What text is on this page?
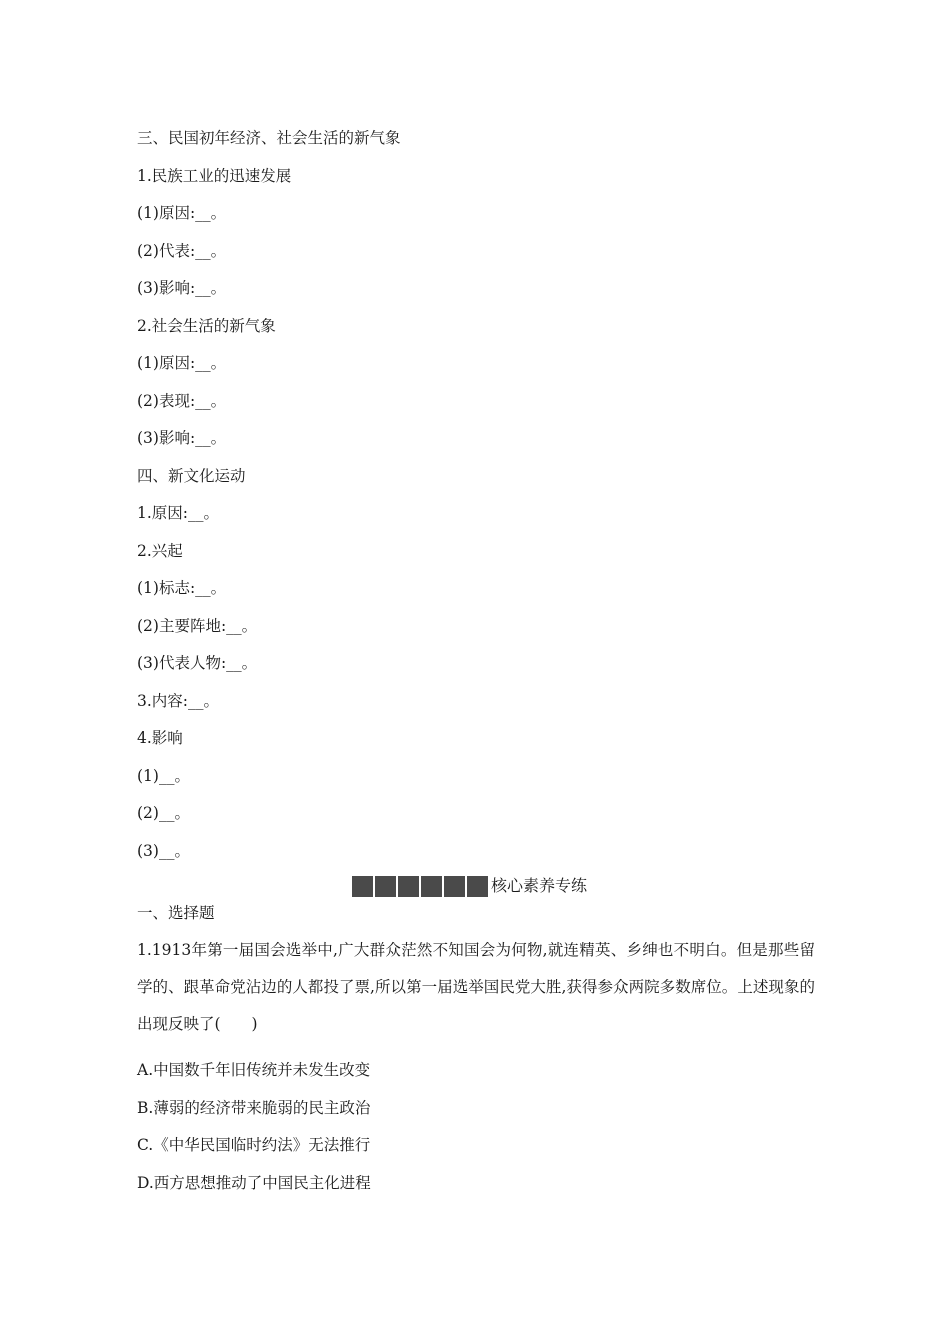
三、民国初年经济、社会生活的新气象
1.民族工业的迅速发展
(1)原因:__。
(2)代表:__。
(3)影响:__。
2.社会生活的新气象
(1)原因:__。
(2)表现:__。
(3)影响:__。
四、新文化运动
1.原因:__。
2.兴起
(1)标志:__。
(2)主要阵地:__。
(3)代表人物:__。
3.内容:__。
4.影响
(1)__。
(2)__。
(3)__。
核心素养专练
一、选择题
1.1913年第一届国会选举中,广大群众茫然不知国会为何物,就连精英、乡绅也不明白。但是那些留学的、跟革命党沾边的人都投了票,所以第一届选举国民党大胜,获得参众两院多数席位。上述现象的出现反映了(　　)
A.中国数千年旧传统并未发生改变
B.薄弱的经济带来脆弱的民主政治
C.《中华民国临时约法》无法推行
D.西方思想推动了中国民主化进程
